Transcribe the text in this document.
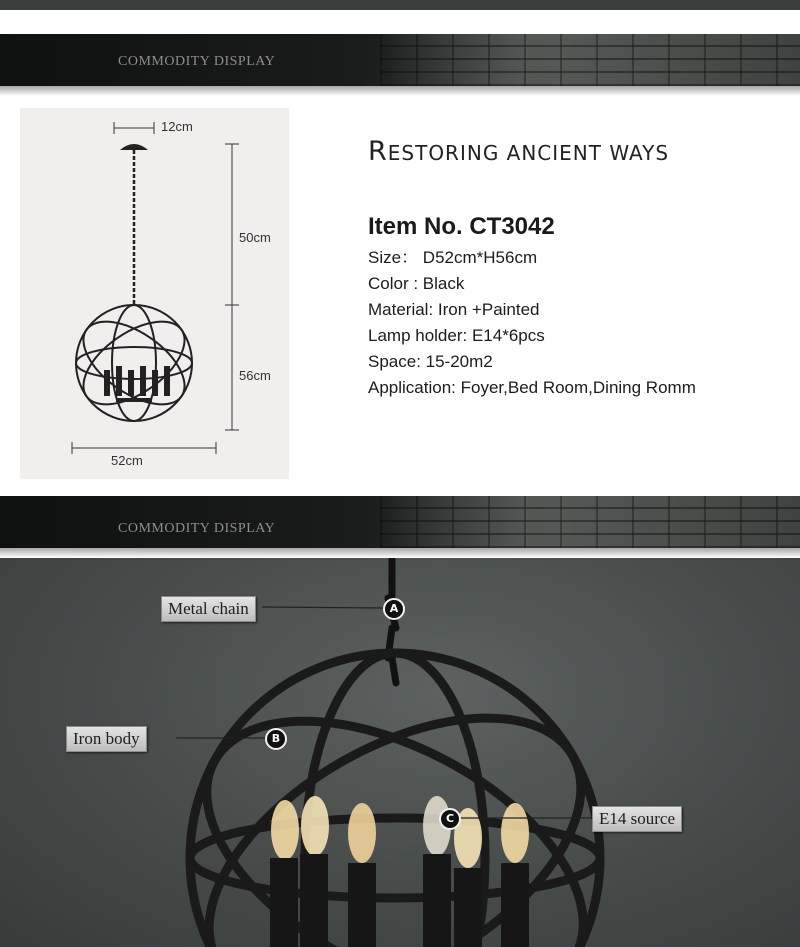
COMMODITY DISPLAY
12cm
50cm
56cm
52cm
RESTORING ANCIENT WAYS
Item No. CT3042
Size： D52cm*H56cm
Color : Black
Material: Iron +Painted
Lamp holder: E14*6pcs
Space: 15-20m2
Application: Foyer,Bed Room,Dining Romm
COMMODITY DISPLAY
Metal chain	A
Iron body	B
E14 source
C
